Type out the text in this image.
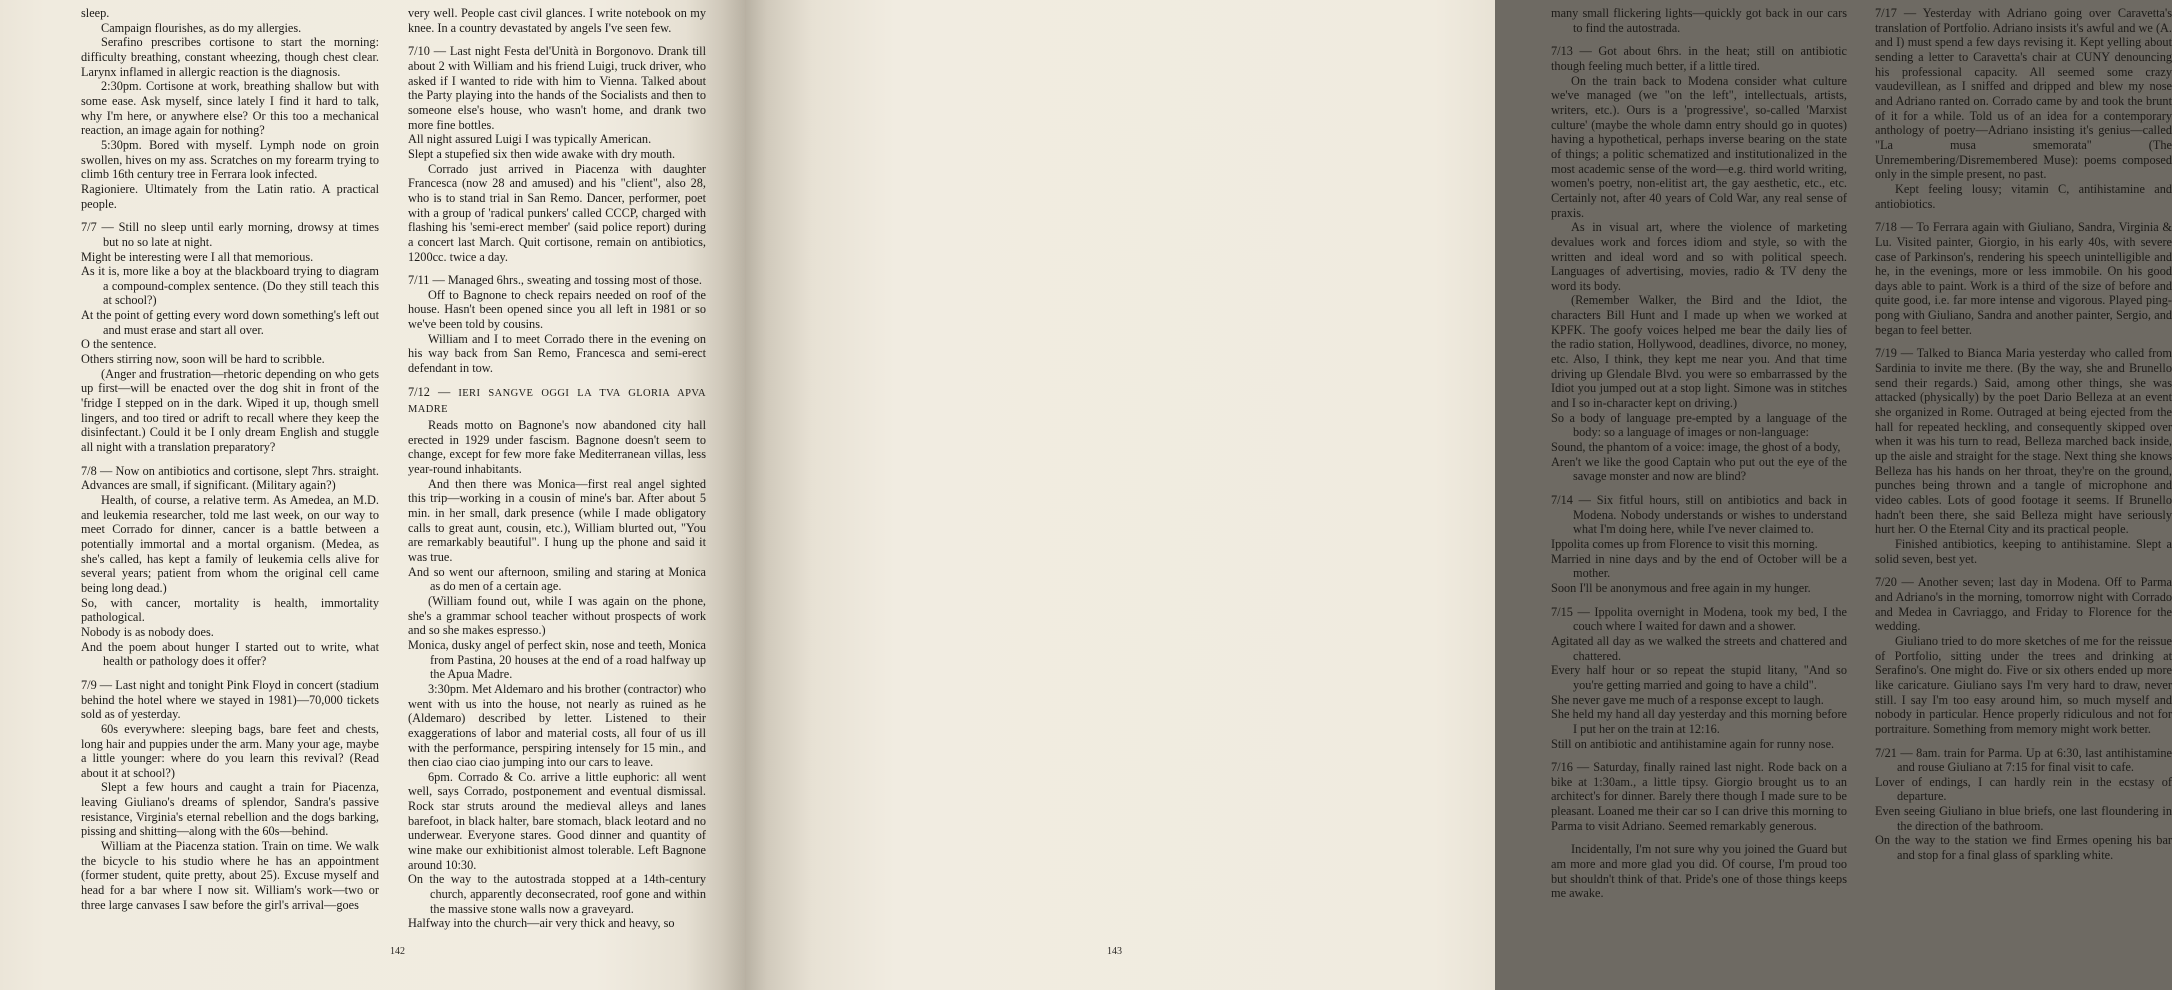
sleep.

Campaign flourishes, as do my allergies.

Serafino prescribes cortisone to start the morning: difficulty breathing, constant wheezing, though chest clear. Larynx inflamed in allergic reaction is the diagnosis.

2:30pm. Cortisone at work, breathing shallow but with some ease. Ask myself, since lately I find it hard to talk, why I'm here, or anywhere else? Or this too a mechanical reaction, an image again for nothing?

5:30pm. Bored with myself. Lymph node on groin swollen, hives on my ass. Scratches on my forearm trying to climb 16th century tree in Ferrara look infected.

Ragioniere. Ultimately from the Latin ratio. A practical people.

7/7 — Still no sleep until early morning, drowsy at times but no so late at night.

Might be interesting were I all that memorious.

As it is, more like a boy at the blackboard trying to diagram a compound-complex sentence. (Do they still teach this at school?)

At the point of getting every word down something's left out and must erase and start all over.

O the sentence.

Others stirring now, soon will be hard to scribble.

(Anger and frustration—rhetoric depending on who gets up first—will be enacted over the dog shit in front of the 'fridge I stepped on in the dark. Wiped it up, though smell lingers, and too tired or adrift to recall where they keep the disinfectant.) Could it be I only dream English and stuggle all night with a translation preparatory?

7/8 — Now on antibiotics and cortisone, slept 7hrs. straight. Advances are small, if significant. (Military again?)

Health, of course, a relative term. As Amedea, an M.D. and leukemia researcher, told me last week, on our way to meet Corrado for dinner, cancer is a battle between a potentially immortal and a mortal organism. (Medea, as she's called, has kept a family of leukemia cells alive for several years; patient from whom the original cell came being long dead.)

So, with cancer, mortality is health, immortality pathological.

Nobody is as nobody does.

And the poem about hunger I started out to write, what health or pathology does it offer?

7/9 — Last night and tonight Pink Floyd in concert (stadium behind the hotel where we stayed in 1981)—70,000 tickets sold as of yesterday.

60s everywhere: sleeping bags, bare feet and chests, long hair and puppies under the arm. Many your age, maybe a little younger: where do you learn this revival? (Read about it at school?)

Slept a few hours and caught a train for Piacenza, leaving Giuliano's dreams of splendor, Sandra's passive resistance, Virginia's eternal rebellion and the dogs barking, pissing and shitting—along with the 60s—behind.

William at the Piacenza station. Train on time. We walk the bicycle to his studio where he has an appointment (former student, quite pretty, about 25). Excuse myself and head for a bar where I now sit. William's work—two or three large canvases I saw before the girl's arrival—goes

very well. People cast civil glances. I write notebook on my knee. In a country devastated by angels I've seen few.

7/10 — Last night Festa del'Unità in Borgonovo. Drank till about 2 with William and his friend Luigi, truck driver, who asked if I wanted to ride with him to Vienna. Talked about the Party playing into the hands of the Socialists and then to someone else's house, who wasn't home, and drank two more fine bottles.

All night assured Luigi I was typically American.

Slept a stupefied six then wide awake with dry mouth.

Corrado just arrived in Piacenza with daughter Francesca (now 28 and amused) and his "client", also 28, who is to stand trial in San Remo. Dancer, performer, poet with a group of 'radical punkers' called CCCP, charged with flashing his 'semi-erect member' (said police report) during a concert last March. Quit cortisone, remain on antibiotics, 1200cc. twice a day.

7/11 — Managed 6hrs., sweating and tossing most of those.

Off to Bagnone to check repairs needed on roof of the house. Hasn't been opened since you all left in 1981 or so we've been told by cousins.

William and I to meet Corrado there in the evening on his way back from San Remo, Francesca and semi-erect defendant in tow.

7/12 — IERI SANGVE OGGI LA TVA GLORIA APVA MADRE

Reads motto on Bagnone's now abandoned city hall erected in 1929 under fascism. Bagnone doesn't seem to change, except for few more fake Mediterranean villas, less year-round inhabitants.

And then there was Monica—first real angel sighted this trip—working in a cousin of mine's bar. After about 5 min. in her small, dark presence (while I made obligatory calls to great aunt, cousin, etc.), William blurted out, "You are remarkably beautiful". I hung up the phone and said it was true.

And so went our afternoon, smiling and staring at Monica as do men of a certain age.

(William found out, while I was again on the phone, she's a grammar school teacher without prospects of work and so she makes espresso.)

Monica, dusky angel of perfect skin, nose and teeth, Monica from Pastina, 20 houses at the end of a road halfway up the Apua Madre.

3:30pm. Met Aldemaro and his brother (contractor) who went with us into the house, not nearly as ruined as he (Aldemaro) described by letter. Listened to their exaggerations of labor and material costs, all four of us ill with the performance, perspiring intensely for 15 min., and then ciao ciao ciao jumping into our cars to leave.

6pm. Corrado & Co. arrive a little euphoric: all went well, says Corrado, postponement and eventual dismissal. Rock star struts around the medieval alleys and lanes barefoot, in black halter, bare stomach, black leotard and no underwear. Everyone stares. Good dinner and quantity of wine make our exhibitionist almost tolerable. Left Bagnone around 10:30.

On the way to the autostrada stopped at a 14th-century church, apparently deconsecrated, roof gone and within the massive stone walls now a graveyard.

Halfway into the church—air very thick and heavy, so

many small flickering lights—quickly got back in our cars to find the autostrada.

7/13 — Got about 6hrs. in the heat; still on antibiotic though feeling much better, if a little tired.

On the train back to Modena consider what culture we've managed (we "on the left", intellectuals, artists, writers, etc.). Ours is a 'progressive', so-called 'Marxist culture' (maybe the whole damn entry should go in quotes) having a hypothetical, perhaps inverse bearing on the state of things; a politic schematized and institutionalized in the most academic sense of the word—e.g. third world writing, women's poetry, non-elitist art, the gay aesthetic, etc., etc. Certainly not, after 40 years of Cold War, any real sense of praxis.

As in visual art, where the violence of marketing devalues work and forces idiom and style, so with the written and ideal word and so with political speech. Languages of advertising, movies, radio & TV deny the word its body.

(Remember Walker, the Bird and the Idiot, the characters Bill Hunt and I made up when we worked at KPFK. The goofy voices helped me bear the daily lies of the radio station, Hollywood, deadlines, divorce, no money, etc. Also, I think, they kept me near you. And that time driving up Glendale Blvd. you were so embarrassed by the Idiot you jumped out at a stop light. Simone was in stitches and I so in-character kept on driving.)

So a body of language pre-empted by a language of the body: so a language of images or non-language:

Sound, the phantom of a voice: image, the ghost of a body,

Aren't we like the good Captain who put out the eye of the savage monster and now are blind?

7/14 — Six fitful hours, still on antibiotics and back in Modena. Nobody understands or wishes to understand what I'm doing here, while I've never claimed to.

Ippolita comes up from Florence to visit this morning.

Married in nine days and by the end of October will be a mother.

Soon I'll be anonymous and free again in my hunger.

7/15 — Ippolita overnight in Modena, took my bed, I the couch where I waited for dawn and a shower.

Agitated all day as we walked the streets and chattered and chattered.

Every half hour or so repeat the stupid litany, "And so you're getting married and going to have a child".

She never gave me much of a response except to laugh.

She held my hand all day yesterday and this morning before I put her on the train at 12:16.

Still on antibiotic and antihistamine again for runny nose.

7/16 — Saturday, finally rained last night. Rode back on a bike at 1:30am., a little tipsy. Giorgio brought us to an architect's for dinner. Barely there though I made sure to be pleasant. Loaned me their car so I can drive this morning to Parma to visit Adriano. Seemed remarkably generous.

Incidentally, I'm not sure why you joined the Guard but am more and more glad you did. Of course, I'm proud too but shouldn't think of that. Pride's one of those things keeps me awake.

7/17 — Yesterday with Adriano going over Caravetta's translation of Portfolio. Adriano insists it's awful and we (A. and I) must spend a few days revising it. Kept yelling about sending a letter to Caravetta's chair at CUNY denouncing his professional capacity. All seemed some crazy vaudevillean, as I sniffed and dripped and blew my nose and Adriano ranted on. Corrado came by and took the brunt of it for a while. Told us of an idea for a contemporary anthology of poetry—Adriano insisting it's genius—called "La musa smemorata" (The Unremembering/Disremembered Muse): poems composed only in the simple present, no past.

Kept feeling lousy; vitamin C, antihistamine and antiobiotics.

7/18 — To Ferrara again with Giuliano, Sandra, Virginia & Lu. Visited painter, Giorgio, in his early 40s, with severe case of Parkinson's, rendering his speech unintelligible and he, in the evenings, more or less immobile. On his good days able to paint. Work is a third of the size of before and quite good, i.e. far more intense and vigorous. Played ping-pong with Giuliano, Sandra and another painter, Sergio, and began to feel better.

7/19 — Talked to Bianca Maria yesterday who called from Sardinia to invite me there. (By the way, she and Brunello send their regards.) Said, among other things, she was attacked (physically) by the poet Dario Belleza at an event she organized in Rome. Outraged at being ejected from the hall for repeated heckling, and consequently skipped over when it was his turn to read, Belleza marched back inside, up the aisle and straight for the stage. Next thing she knows Belleza has his hands on her throat, they're on the ground, punches being thrown and a tangle of microphone and video cables. Lots of good footage it seems. If Brunello hadn't been there, she said Belleza might have seriously hurt her. O the Eternal City and its practical people.

Finished antibiotics, keeping to antihistamine. Slept a solid seven, best yet.

7/20 — Another seven; last day in Modena. Off to Parma and Adriano's in the morning, tomorrow night with Corrado and Medea in Cavriaggo, and Friday to Florence for the wedding.

Giuliano tried to do more sketches of me for the reissue of Portfolio, sitting under the trees and drinking at Serafino's. One might do. Five or six others ended up more like caricature. Giuliano says I'm very hard to draw, never still. I say I'm too easy around him, so much myself and nobody in particular. Hence properly ridiculous and not for portraiture. Something from memory might work better.

7/21 — 8am. train for Parma. Up at 6:30, last antihistamine and rouse Giuliano at 7:15 for final visit to cafe.

Lover of endings, I can hardly rein in the ecstasy of departure.

Even seeing Giuliano in blue briefs, one last floundering in the direction of the bathroom.

On the way to the station we find Ermes opening his bar and stop for a final glass of sparkling white.

142	143
